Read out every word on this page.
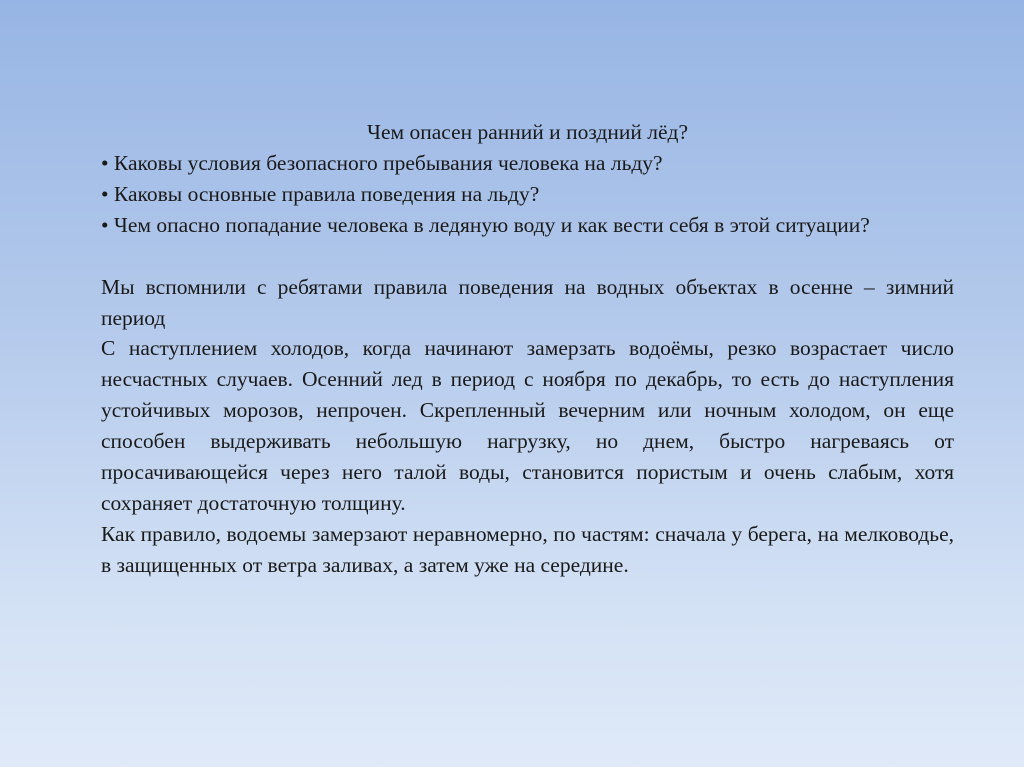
Чем опасен ранний и поздний лёд?

• Каковы условия безопасного пребывания человека на льду?

• Каковы основные правила поведения на льду?

• Чем опасно попадание человека в ледяную воду и как вести себя в этой ситуации?

Мы вспомнили с ребятами правила поведения на водных объектах в осенне – зимний период

С наступлением холодов, когда начинают замерзать водоёмы, резко возрастает число несчастных случаев. Осенний лед в период с ноября по декабрь, то есть до наступления устойчивых морозов, непрочен. Скрепленный вечерним или ночным холодом, он еще способен выдерживать небольшую нагрузку, но днем, быстро нагреваясь от просачивающейся через него талой воды, становится пористым и очень слабым, хотя сохраняет достаточную толщину.

Как правило, водоемы замерзают неравномерно, по частям: сначала у берега, на мелководье, в защищенных от ветра заливах, а затем уже на середине.
